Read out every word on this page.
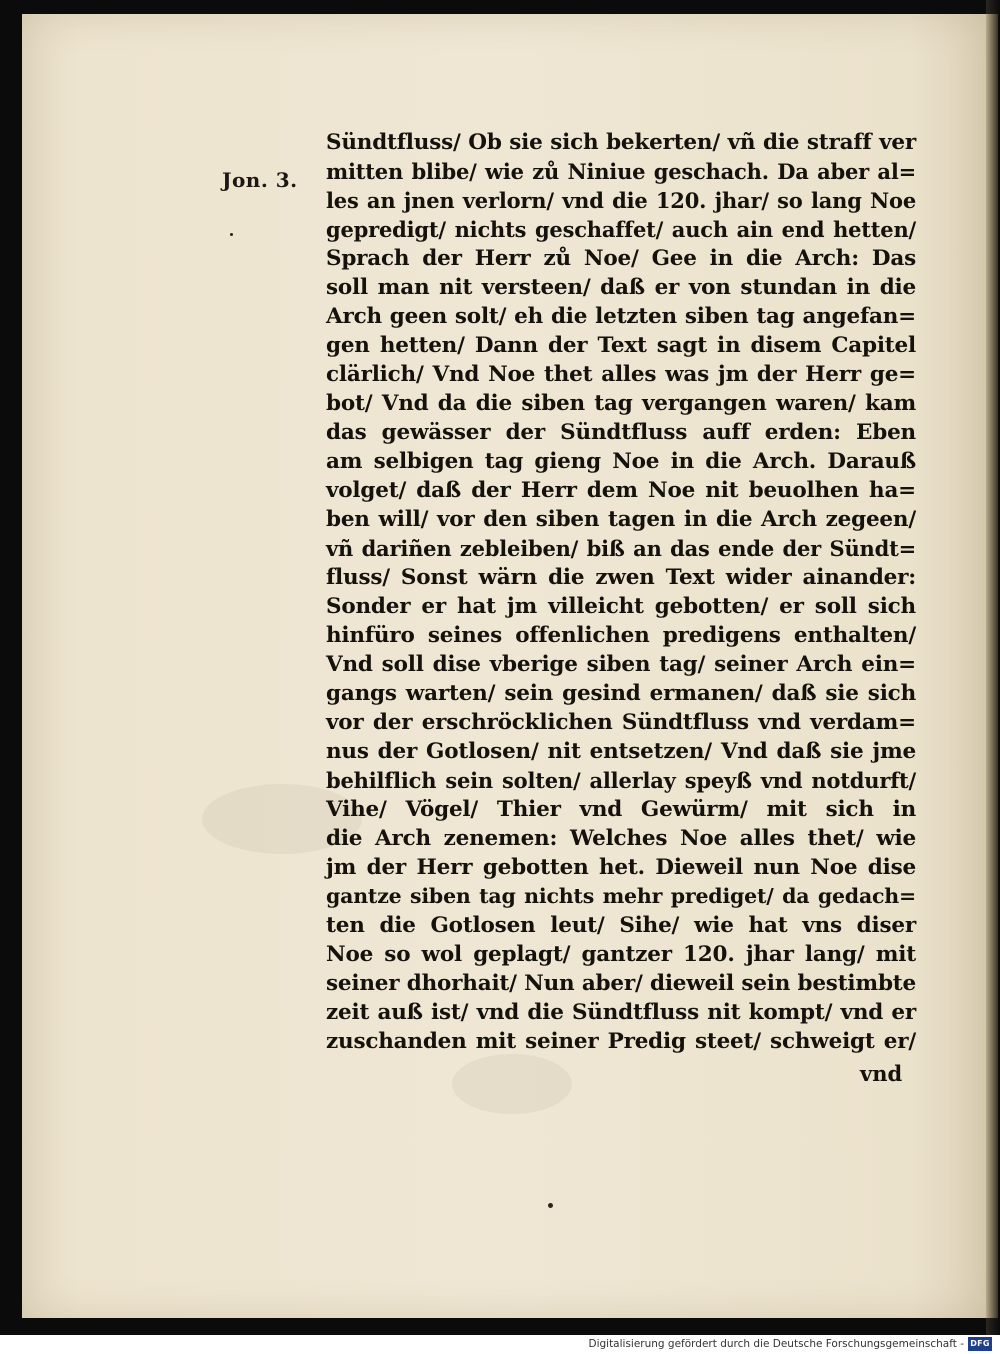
Jon. 3.
Sündtfluss/ Ob sie sich bekerten/ vñ die straff ver
mitten blibe/ wie zů Niniue geschach. Da aber al=
les an jnen verlorn/ vnd die 120. jhar/ so lang Noe
gepredigt/ nichts geschaffet/ auch ain end hetten/
Sprach der Herr zů Noe/ Gee in die Arch: Das
soll man nit versteen/ daß er von stundan in die
Arch geen solt/ eh die letzten siben tag angefan=
gen hetten/ Dann der Text sagt in disem Capitel
clärlich/ Vnd Noe thet alles was jm der Herr ge=
bot/ Vnd da die siben tag vergangen waren/ kam
das gewässer der Sündtfluss auff erden: Eben
am selbigen tag gieng Noe in die Arch. Darauß
volget/ daß der Herr dem Noe nit beuolhen ha=
ben will/ vor den siben tagen in die Arch zegeen/
vñ dariñen zebleiben/ biß an das ende der Sündt=
fluss/ Sonst wärn die zwen Text wider ainander:
Sonder er hat jm villeicht gebotten/ er soll sich
hinfüro seines offenlichen predigens enthalten/
Vnd soll dise vberige siben tag/ seiner Arch ein=
gangs warten/ sein gesind ermanen/ daß sie sich
vor der erschröcklichen Sündtfluss vnd verdam=
nus der Gotlosen/ nit entsetzen/ Vnd daß sie jme
behilflich sein solten/ allerlay speyß vnd notdurft/
Vihe/ Vögel/ Thier vnd Gewürm/ mit sich in
die Arch zenemen: Welches Noe alles thet/ wie
jm der Herr gebotten het. Dieweil nun Noe dise
gantze siben tag nichts mehr prediget/ da gedach=
ten die Gotlosen leut/ Sihe/ wie hat vns diser
Noe so wol geplagt/ gantzer 120. jhar lang/ mit
seiner dhorhait/ Nun aber/ dieweil sein bestimbte
zeit auß ist/ vnd die Sündtfluss nit kompt/ vnd er
zuschanden mit seiner Predig steet/ schweigt er/
vnd
Digitalisierung gefördert durch die Deutsche Forschungsgemeinschaft - DFG
